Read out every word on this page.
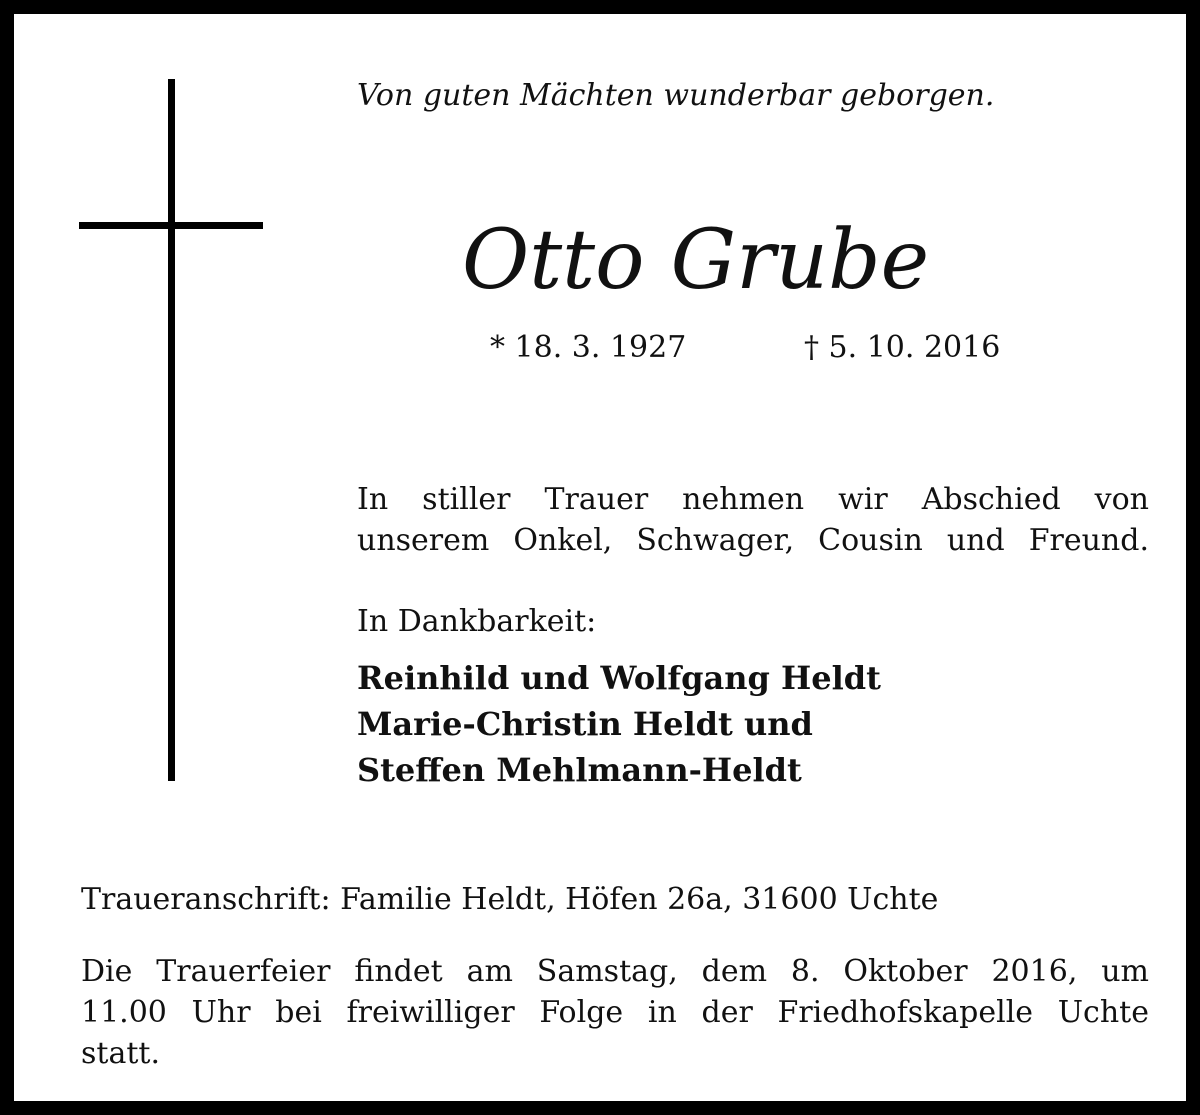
Von guten Mächten wunderbar geborgen.
Otto Grube
* 18. 3. 1927	† 5. 10. 2016
In stiller Trauer nehmen wir Abschied von
unserem Onkel, Schwager, Cousin und Freund.
In Dankbarkeit:
Reinhild und Wolfgang Heldt
Marie-Christin Heldt und
Steffen Mehlmann-Heldt
Traueranschrift: Familie Heldt, Höfen 26a, 31600 Uchte
Die Trauerfeier findet am Samstag, dem 8. Oktober 2016, um
11.00 Uhr bei freiwilliger Folge in der Friedhofskapelle Uchte
statt.
